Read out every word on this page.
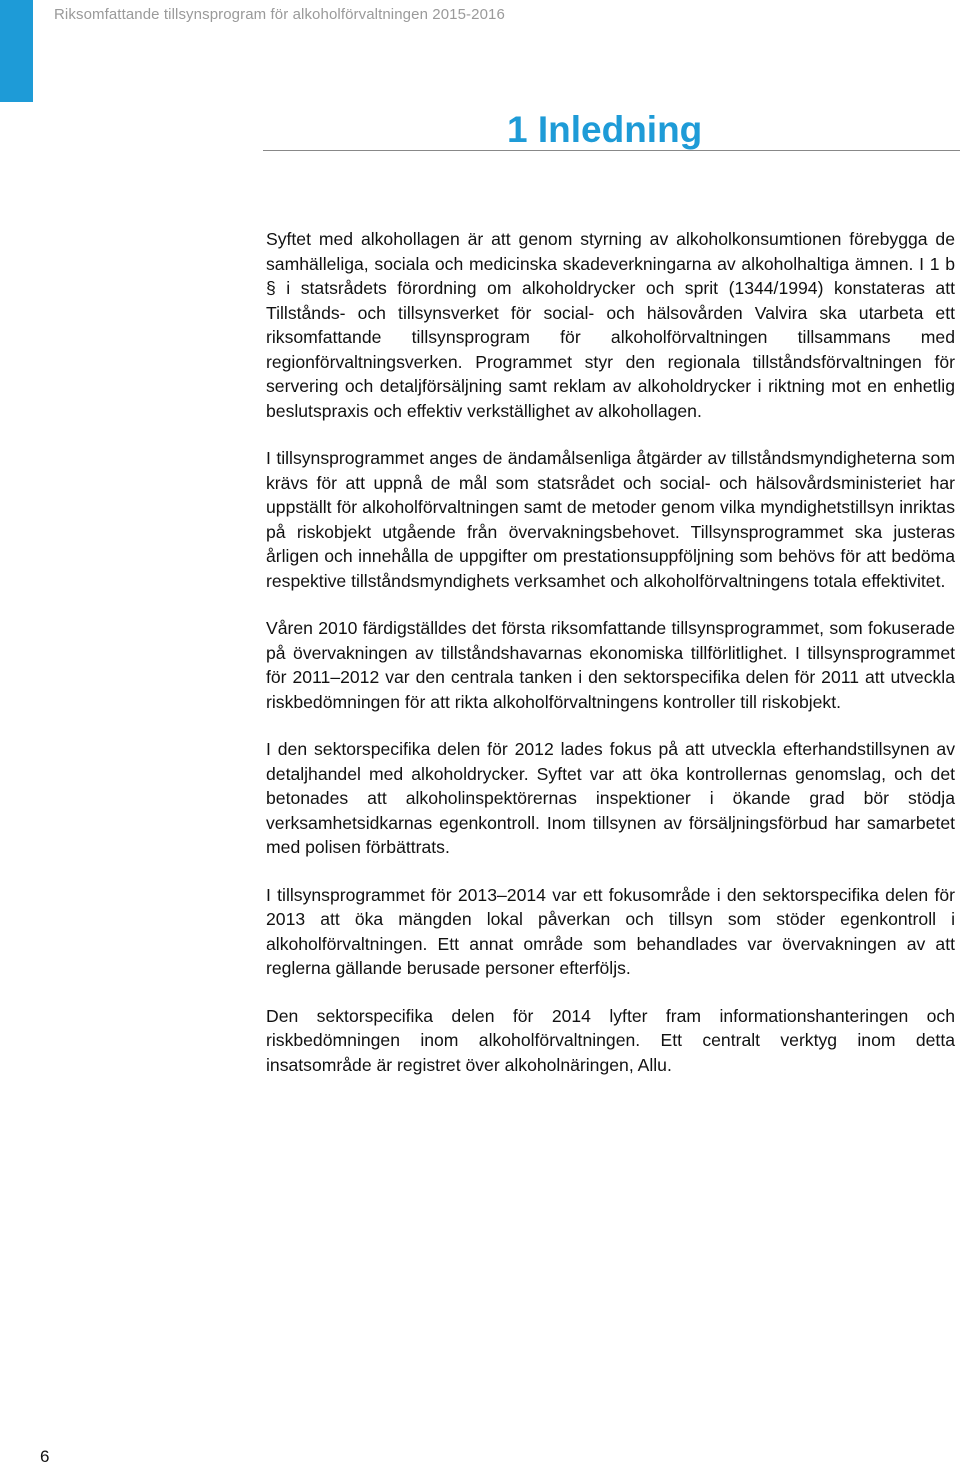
Riksomfattande tillsynsprogram för alkoholförvaltningen 2015-2016
1 Inledning

Syftet med alkohollagen är att genom styrning av alkoholkonsumtionen förebygga de samhälleliga, sociala och medicinska skadeverkningarna av alkoholhaltiga ämnen. I 1 b § i statsrådets förordning om alkoholdrycker och sprit (1344/1994) konstateras att Tillstånds- och tillsynsverket för social- och hälsovården Valvira ska utarbeta ett riksomfattande tillsynsprogram för alkoholförvaltningen tillsammans med regionförvaltningsverken. Programmet styr den regionala tillståndsförvaltningen för servering och detaljförsäljning samt reklam av alkoholdrycker i riktning mot en enhetlig beslutspraxis och effektiv verkställighet av alkohollagen.

I tillsynsprogrammet anges de ändamålsenliga åtgärder av tillståndsmyndigheterna som krävs för att uppnå de mål som statsrådet och social- och hälsovårdsministeriet har uppställt för alkoholförvaltningen samt de metoder genom vilka myndighetstillsyn inriktas på riskobjekt utgående från övervakningsbehovet. Tillsynsprogrammet ska justeras årligen och innehålla de uppgifter om prestationsuppföljning som behövs för att bedöma respektive tillståndsmyndighets verksamhet och alkoholförvaltningens totala effektivitet.

Våren 2010 färdigställdes det första riksomfattande tillsynsprogrammet, som fokuserade på övervakningen av tillståndshavarnas ekonomiska tillförlitlighet. I tillsynsprogrammet för 2011–2012 var den centrala tanken i den sektorspecifika delen för 2011 att utveckla riskbedömningen för att rikta alkoholförvaltningens kontroller till riskobjekt.

I den sektorspecifika delen för 2012 lades fokus på att utveckla efterhandstillsynen av detaljhandel med alkoholdrycker. Syftet var att öka kontrollernas genomslag, och det betonades att alkoholinspektörernas inspektioner i ökande grad bör stödja verksamhetsidkarnas egenkontroll. Inom tillsynen av försäljningsförbud har samarbetet med polisen förbättrats.

I tillsynsprogrammet för 2013–2014 var ett fokusområde i den sektorspecifika delen för 2013 att öka mängden lokal påverkan och tillsyn som stöder egenkontroll i alkoholförvaltningen. Ett annat område som behandlades var övervakningen av att reglerna gällande berusade personer efterföljs.

Den sektorspecifika delen för 2014 lyfter fram informationshanteringen och riskbedömningen inom alkoholförvaltningen. Ett centralt verktyg inom detta insatsområde är registret över alkoholnäringen, Allu.

6
